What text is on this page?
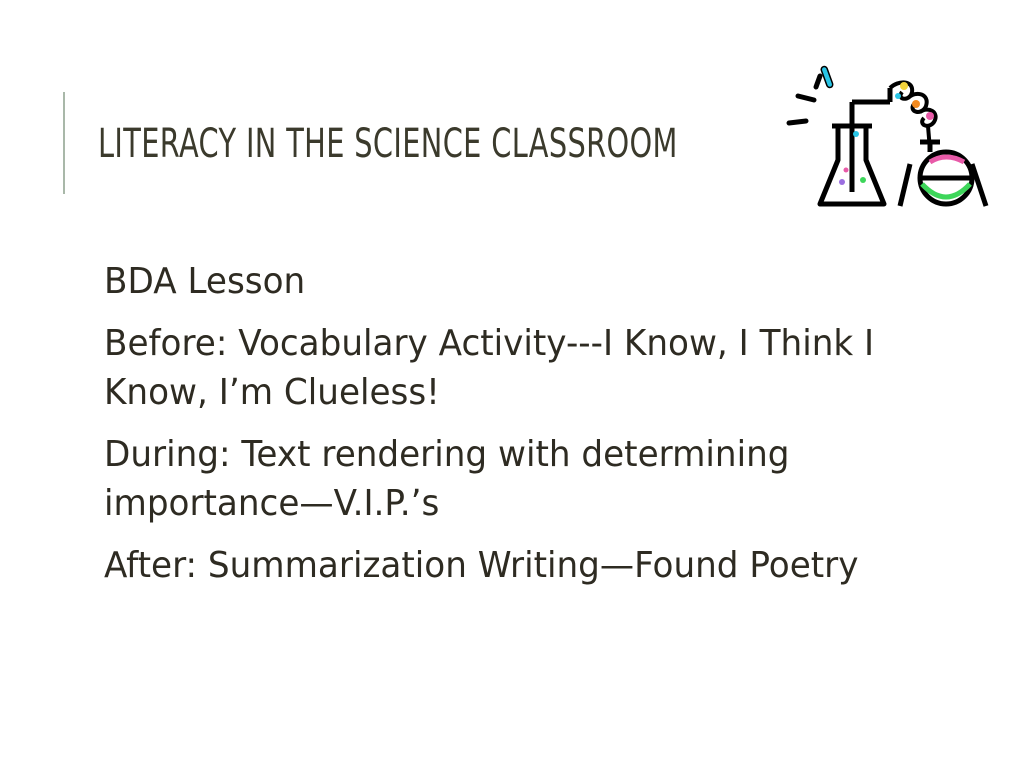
LITERACY IN THE SCIENCE CLASSROOM
BDA Lesson
Before: Vocabulary Activity---I Know, I Think I Know, I’m Clueless!
During: Text rendering with determining importance—V.I.P.’s
After: Summarization Writing—Found Poetry
